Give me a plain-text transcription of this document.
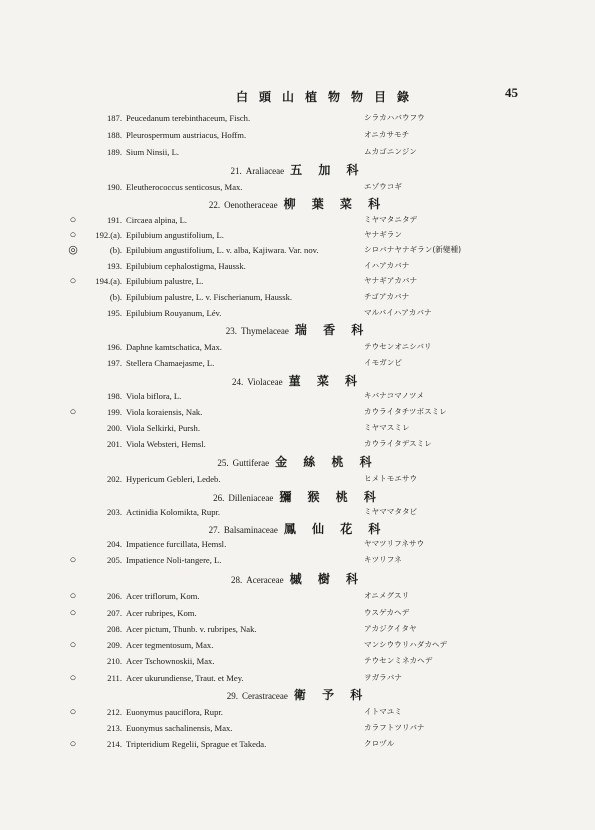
白 頭 山 植 物 物 目 錄	45
187. Peucedanum terebinthaceum, Fisch.	シラカハバウフウ
188. Pleurospermum austriacus, Hoffm.	オニカサモチ
189. Sium Ninsii, L.	ムカゴニンジン
21. Araliaceae 五 加 科
190. Eleutherococcus senticosus, Max.	エゾウコギ
22. Oenotheraceae 柳 葉 菜 科
○	191. Circaea alpina, L.	ミヤマタニタデ
○	192.(a). Epilubium angustifolium, L.	ヤナギラン
◎	(b). Epilubium angustifolium, L. v. alba, Kajiwara. Var. nov.	シロバナヤナギラン(新變種)
193. Epilubium cephalostigma, Haussk.	イハアカバナ
○	194.(a). Epilubium palustre, L.	ヤナギアカバナ
(b). Epilubium palustre, L. v. Fischerianum, Haussk.	チゴアカバナ
195. Epilubium Rouyanum, Lév.	マルバイハアカバナ
23. Thymelaceae 瑞 香 科
196. Daphne kamtschatica, Max.	テウセンオニシバリ
197. Stellera Chamaejasme, L.	イモガンピ
24. Violaceae 菫 菜 科
198. Viola biflora, L.	キバナコマノツメ
○	199. Viola koraiensis, Nak.	カウライタチツボスミレ
200. Viola Selkirki, Pursh.	ミヤマスミレ
201. Viola Websteri, Hemsl.	カウライタデスミレ
25. Guttiferae 金 絲 桃 科
202. Hypericum Gebleri, Ledeb.	ヒメトモエサウ
26. Dilleniaceae 獼 猴 桃 科
203. Actinidia Kolomikta, Rupr.	ミヤママタタビ
27. Balsaminaceae 鳳 仙 花 科
204. Impatience furcillata, Hemsl.	ヤマツリフネサウ
○	205. Impatience Noli-tangere, L.	キツリフネ
28. Aceraceae 槭 樹 科
○	206. Acer triflorum, Kom.	オニメグスリ
○	207. Acer rubripes, Kom.	ウスゲカヘデ
208. Acer pictum, Thunb. v. rubripes, Nak.	アカジクイタヤ
○	209. Acer tegmentosum, Max.	マンシウウリハダカヘデ
210. Acer Tschownoskii, Max.	テウセンミネカヘデ
○	211. Acer ukurundiense, Traut. et Mey.	ヲガラバナ
29. Cerastraceae 衛 予 科
○	212. Euonymus pauciflora, Rupr.	イトマユミ
213. Euonymus sachalinensis, Max.	カラフトツリバナ
○	214. Tripteridium Regelii, Sprague et Takeda.	クロヅル
